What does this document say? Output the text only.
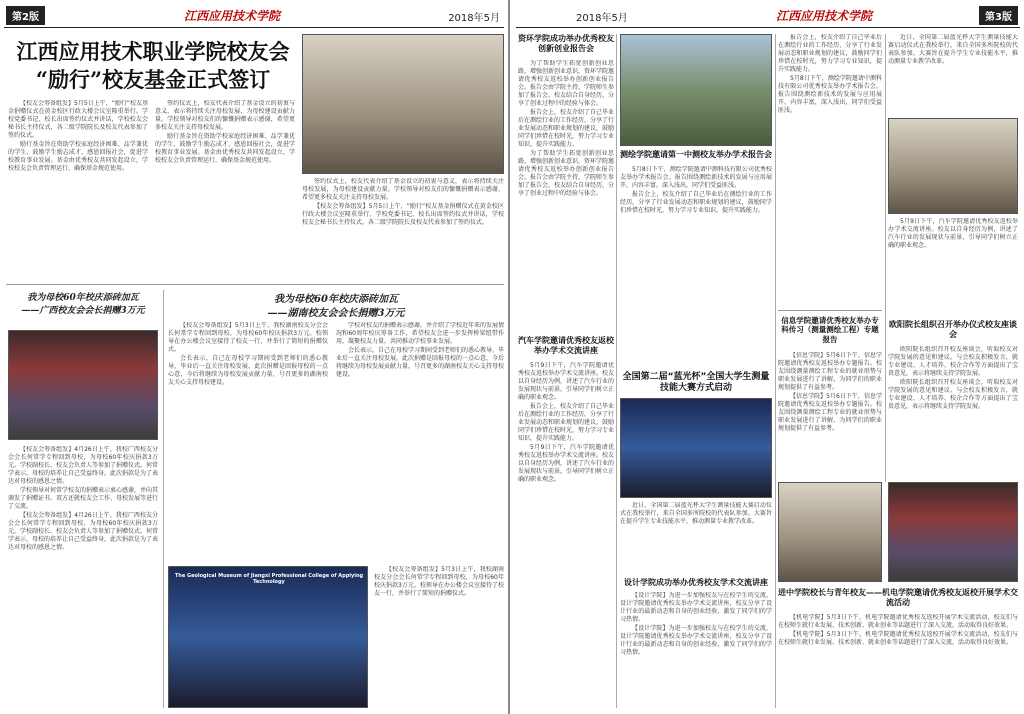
第2版	江西应用技术学院	2018年5月
江西应用技术职业学院校友会
“励行”校友基金正式签订

【校友会筹备组发】5月5日上午，“励行”校友基金捐赠仪式在黄金校区行政大楼会议室隆重举行。学校党委书记、校长出席签约仪式并讲话，学校校友会秘书长主持仪式，各二级学院院长及校友代表参加了签约仪式。

励行基金旨在资助学校家庭经济困难、品学兼优的学生，鼓励学生励志成才，感恩回报社会，促进学校教育事业发展。基金由优秀校友共同发起设立，学校校友会负责管理运行，确保基金规范使用。

签约仪式上，校友代表介绍了基金设立的初衷与意义，表示将持续关注母校发展，为母校建设贡献力量。学校领导对校友们的慷慨捐赠表示感谢，希望更多校友关注支持母校发展。

励行基金旨在资助学校家庭经济困难、品学兼优的学生，鼓励学生励志成才，感恩回报社会，促进学校教育事业发展。基金由优秀校友共同发起设立，学校校友会负责管理运行，确保基金规范使用。

签约仪式上，校友代表介绍了基金设立的初衷与意义，表示将持续关注母校发展，为母校建设贡献力量。学校领导对校友们的慷慨捐赠表示感谢，希望更多校友关注支持母校发展。

【校友会筹备组发】5月5日上午，“励行”校友基金捐赠仪式在黄金校区行政大楼会议室隆重举行。学校党委书记、校长出席签约仪式并讲话，学校校友会秘书长主持仪式，各二级学院院长及校友代表参加了签约仪式。

我为母校60年校庆添砖加瓦
——广西校友会会长捐赠3万元

【校友会筹备组发】4月26日上午，我校广西校友分会会长何常学专程回到母校，为母校60年校庆捐款3万元。学校副校长、校友会负责人等参加了捐赠仪式。何常学表示，母校的培养让自己受益终身，此次捐款是为了表达对母校的感恩之情。

学校领导对何常学校友的捐赠表示衷心感谢，并向其颁发了捐赠证书。双方还就校友会工作、母校发展等进行了交流。

【校友会筹备组发】4月26日上午，我校广西校友分会会长何常学专程回到母校，为母校60年校庆捐款3万元。学校副校长、校友会负责人等参加了捐赠仪式。何常学表示，母校的培养让自己受益终身，此次捐款是为了表达对母校的感恩之情。

我为母校60年校庆添砖加瓦
——湖南校友会会长捐赠3万元

【校友会筹备组发】5月3日上午，我校湖南校友分会会长何常学专程回到母校，为母校60年校庆捐款3万元。校领导在办公楼会议室接待了校友一行，并举行了简短的捐赠仪式。

会长表示，自己在母校学习期间受到老师们的悉心教导，毕业后一直关注母校发展，此次捐赠是回报母校的一点心意，今后将继续为母校发展贡献力量，号召更多的湖南校友关心支持母校建设。

学校对校友的捐赠表示感谢，并介绍了学校近年来的发展情况和60周年校庆筹备工作，希望校友会进一步发挥桥梁纽带作用，凝聚校友力量，共同推动学校事业发展。

会长表示，自己在母校学习期间受到老师们的悉心教导，毕业后一直关注母校发展，此次捐赠是回报母校的一点心意，今后将继续为母校发展贡献力量，号召更多的湖南校友关心支持母校建设。

The Geological Museum of Jiangxi Professional College of Applying Technology

【校友会筹备组发】5月3日上午，我校湖南校友分会会长何常学专程回到母校，为母校60年校庆捐款3万元。校领导在办公楼会议室接待了校友一行，并举行了简短的捐赠仪式。

2018年5月	江西应用技术学院	第3版
资环学院成功举办优秀校友创新创业报告会

为了帮助学生拓宽创新创业思路，增强创新创业意识，资环学院邀请优秀校友返校举办创新创业报告会。报告会由学院主持，学院师生参加了报告会。校友结合自身经历，分享了创业过程中的经验与体会。

报告会上，校友介绍了自己毕业后在测绘行业的工作经历，分享了行业发展动态和职业规划的建议，鼓励同学们珍惜在校时光，努力学习专业知识，提升实践能力。

为了帮助学生拓宽创新创业思路，增强创新创业意识，资环学院邀请优秀校友返校举办创新创业报告会。报告会由学院主持，学院师生参加了报告会。校友结合自身经历，分享了创业过程中的经验与体会。

汽车学院邀请优秀校友返校举办学术交流讲座

5月9日下午，汽车学院邀请优秀校友返校举办学术交流讲座。校友以自身经历为例，讲述了汽车行业的发展现状与前景，引导同学们树立正确的职业观念。

报告会上，校友介绍了自己毕业后在测绘行业的工作经历，分享了行业发展动态和职业规划的建议，鼓励同学们珍惜在校时光，努力学习专业知识，提升实践能力。

5月9日下午，汽车学院邀请优秀校友返校举办学术交流讲座。校友以自身经历为例，讲述了汽车行业的发展现状与前景，引导同学们树立正确的职业观念。

测绘学院邀请第一中测校友举办学术报告会

5月8日下午，测绘学院邀请中测科技有限公司优秀校友举办学术报告会。报告围绕测绘新技术的发展与应用展开，内容丰富，深入浅出，同学们受益匪浅。

报告会上，校友介绍了自己毕业后在测绘行业的工作经历，分享了行业发展动态和职业规划的建议，鼓励同学们珍惜在校时光，努力学习专业知识，提升实践能力。

全国第二届“蓝光杯”全国大学生测量技能大赛方式启动

近日，全国第二届蓝光杯大学生测量技能大赛启动仪式在我校举行，来自全国多所院校的代表队参加。大赛旨在提升学生专业技能水平，推动测量专业教学改革。

设计学院成功举办优秀校友学术交流讲座

【设计学院】为进一步加强校友与在校学生的交流，设计学院邀请优秀校友举办学术交流讲座，校友分享了设计行业的最新动态和自身的创业经验，激发了同学们的学习热情。

【设计学院】为进一步加强校友与在校学生的交流，设计学院邀请优秀校友举办学术交流讲座，校友分享了设计行业的最新动态和自身的创业经验，激发了同学们的学习热情。

报告会上，校友介绍了自己毕业后在测绘行业的工作经历，分享了行业发展动态和职业规划的建议，鼓励同学们珍惜在校时光，努力学习专业知识，提升实践能力。

5月8日下午，测绘学院邀请中测科技有限公司优秀校友举办学术报告会。报告围绕测绘新技术的发展与应用展开，内容丰富，深入浅出，同学们受益匪浅。

近日，全国第二届蓝光杯大学生测量技能大赛启动仪式在我校举行，来自全国多所院校的代表队参加。大赛旨在提升学生专业技能水平，推动测量专业教学改革。

5月9日下午，汽车学院邀请优秀校友返校举办学术交流讲座。校友以自身经历为例，讲述了汽车行业的发展现状与前景，引导同学们树立正确的职业观念。

欧阳院长组织召开举办仪式校友座谈会

欧阳院长组织召开校友座谈会，听取校友对学院发展的意见和建议。与会校友积极发言，就专业建设、人才培养、校企合作等方面提出了宝贵意见，表示将继续支持学院发展。

欧阳院长组织召开校友座谈会，听取校友对学院发展的意见和建议。与会校友积极发言，就专业建设、人才培养、校企合作等方面提出了宝贵意见，表示将继续支持学院发展。

信息学院邀请优秀校友举办专科传习（测量测绘工程）专题报告

【信息学院】5月6日下午，信息学院邀请优秀校友返校举办专题报告。校友围绕测量测绘工程专业的就业形势与职业发展进行了讲解，为同学们的职业规划提供了有益参考。

【信息学院】5月6日下午，信息学院邀请优秀校友返校举办专题报告。校友围绕测量测绘工程专业的就业形势与职业发展进行了讲解，为同学们的职业规划提供了有益参考。

进中学院校长与青年校友——机电学院邀请优秀校友返校开展学术交流活动

【机电学院】5月3日下午，机电学院邀请优秀校友返校开展学术交流活动，校友们与在校师生就行业发展、技术创新、就业创业等话题进行了深入交流，活动取得良好效果。

【机电学院】5月3日下午，机电学院邀请优秀校友返校开展学术交流活动，校友们与在校师生就行业发展、技术创新、就业创业等话题进行了深入交流，活动取得良好效果。
